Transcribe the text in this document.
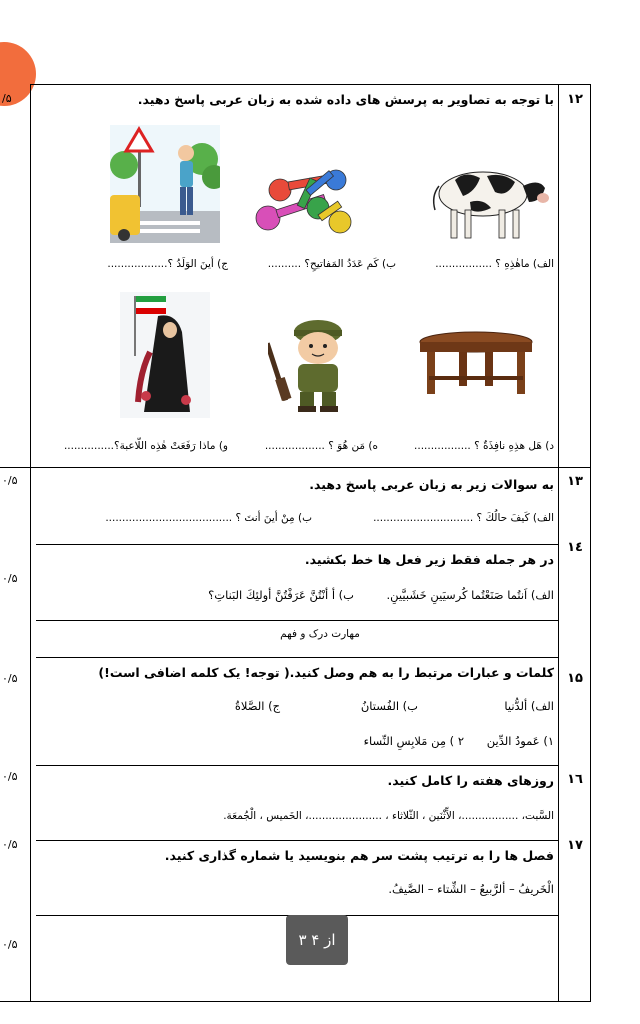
۱۲
۱۳
۱٤
۱۵
۱٦
۱۷
/۵
۰/۵
۰/۵
۰/۵
۰/۵
۰/۵
۰/۵
با توجه به تصاویر به پرسش های داده شده به زبان عربی پاسخ دهید.
الف) ماهٰذِهِ ؟ .................
ب) كَم عَدَدُ المَفاتيحِ؟ ..........
ج) أينَ الوَلَدُ ؟..................
د) هَل هذِهِ نافِذَةٌ ؟ .................
ه) مَن هُوَ ؟ ..................
و) ماذا رَفَعَتْ هٰذِه اللّاعبة؟...............
به سوالات زیر به زبان عربی پاسخ دهید.
الف) كَيفَ حالُكَ ؟ ..............................
ب) مِنْ أينَ أنتَ ؟ ......................................
در هر جمله فقط زیر فعل ها خط بکشید.
الف) اَنتُما صَنَعْتُما كُرسيَينِ خَشَبيَّينِ.
ب) أ أنْتُنَّ عَرَفْتُنَّ أولئِكَ البَناتِ؟
مهارت درک و فهم
کلمات و عبارات مرتبط را به هم وصل کنید.( توجه! یک کلمه اضافی است!)
الف) ألدُّنيا
ب) الفُستانُ
ج) الصَّلاةُ
۱) عَمودُ الدِّين
۲ ) مِن مَلابِسِ النِّساء
روزهای هفته را کامل کنید.
السَّبت، .................، الاِّثْنَين ، الثّلاثاء ، ......................، الخَميس ، الْجُمعَة.
فصل ها را به ترتیب پشت سر هم بنویسید یا شماره گذاری کنید.
الْخَريفُ – ألرَّبيعُ – الشِّتاء – الصَّيفُ.
۳ از ۴
